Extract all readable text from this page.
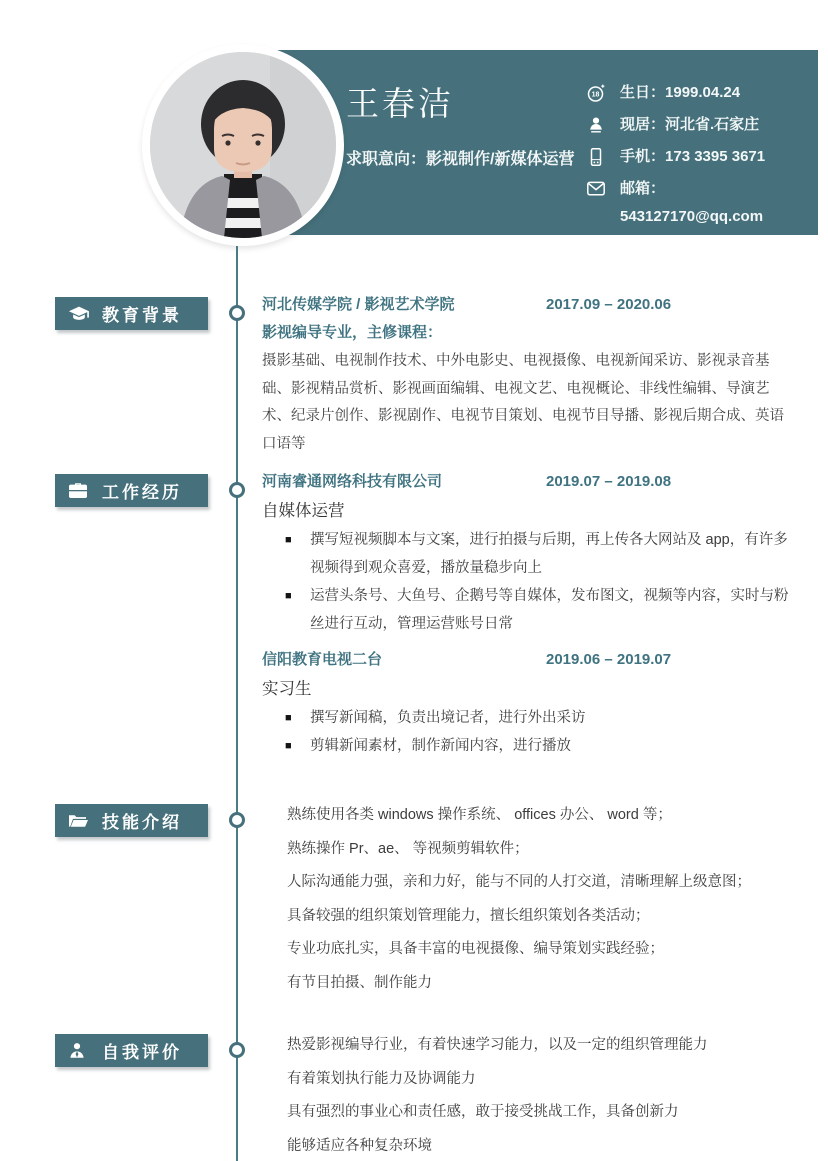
王春洁
求职意向：影视制作/新媒体运营
18 生日：1999.04.24
现居：河北省.石家庄
手机：173 3395 3671
邮箱：
543127170@qq.com
教育背景
工作经历
技能介绍
自我评价
河北传媒学院 / 影视艺术学院	2017.09 – 2020.06
影视编导专业，主修课程：
摄影基础、电视制作技术、中外电影史、电视摄像、电视新闻采访、影视录音基础、影视精品赏析、影视画面编辑、电视文艺、电视概论、非线性编辑、导演艺术、纪录片创作、影视剧作、电视节目策划、电视节目导播、影视后期合成、英语口语等
河南睿通网络科技有限公司	2019.07 – 2019.08
自媒体运营
■	撰写短视频脚本与文案，进行拍摄与后期，再上传各大网站及 app，有许多视频得到观众喜爱，播放量稳步向上
■	运营头条号、大鱼号、企鹅号等自媒体，发布图文，视频等内容，实时与粉丝进行互动，管理运营账号日常
信阳教育电视二台	2019.06 – 2019.07
实习生
■	撰写新闻稿，负责出境记者，进行外出采访
■	剪辑新闻素材，制作新闻内容，进行播放
熟练使用各类 windows 操作系统、 offices 办公、 word 等；
熟练操作 Pr、ae、 等视频剪辑软件；
人际沟通能力强，亲和力好，能与不同的人打交道，清晰理解上级意图；
具备较强的组织策划管理能力，擅长组织策划各类活动；
专业功底扎实，具备丰富的电视摄像、编导策划实践经验；
有节目拍摄、制作能力
热爱影视编导行业，有着快速学习能力，以及一定的组织管理能力
有着策划执行能力及协调能力
具有强烈的事业心和责任感，敢于接受挑战工作，具备创新力
能够适应各种复杂环境
